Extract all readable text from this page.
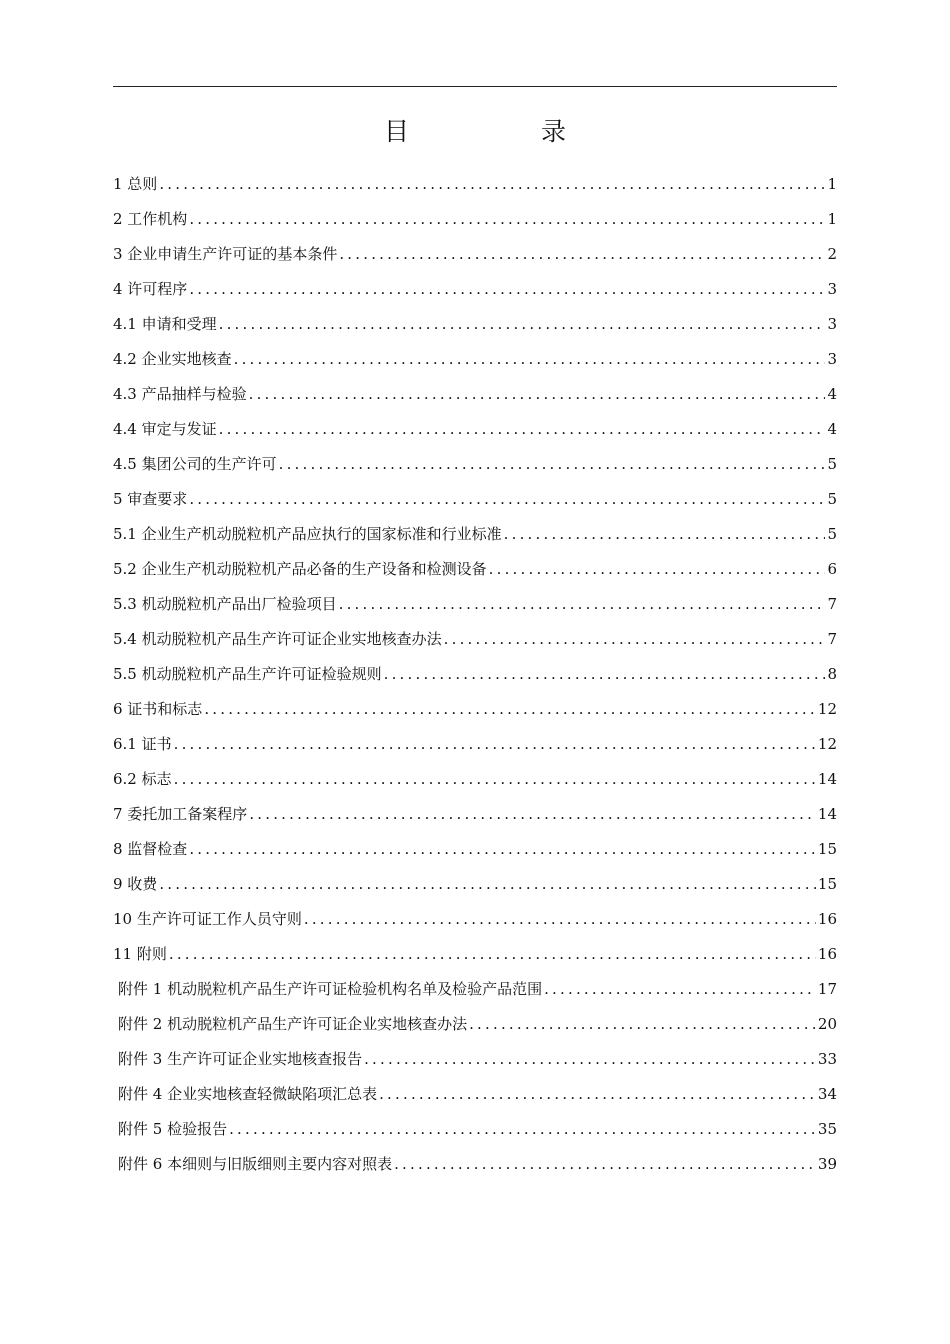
目 录
1 总则 .....	1
2 工作机构 .....	1
3 企业申请生产许可证的基本条件 .....	2
4 许可程序 .....	3
4.1 申请和受理 .....	3
4.2 企业实地核查 .....	3
4.3 产品抽样与检验 .....	4
4.4 审定与发证 .....	4
4.5 集团公司的生产许可 .....	5
5 审查要求 .....	5
5.1 企业生产机动脱粒机产品应执行的国家标准和行业标准 .....	5
5.2 企业生产机动脱粒机产品必备的生产设备和检测设备 .....	6
5.3 机动脱粒机产品出厂检验项目 .....	7
5.4 机动脱粒机产品生产许可证企业实地核查办法 .....	7
5.5 机动脱粒机产品生产许可证检验规则 .....	8
6 证书和标志 .....	12
6.1 证书 .....	12
6.2 标志 .....	14
7 委托加工备案程序 .....	14
8 监督检查 .....	15
9 收费 .....	15
10 生产许可证工作人员守则 .....	16
11 附则 .....	16
附件 1 机动脱粒机产品生产许可证检验机构名单及检验产品范围 .....	17
附件 2 机动脱粒机产品生产许可证企业实地核查办法 .....	20
附件 3 生产许可证企业实地核查报告 .....	33
附件 4 企业实地核查轻微缺陷项汇总表 .....	34
附件 5 检验报告 .....	35
附件 6 本细则与旧版细则主要内容对照表 .....	39
